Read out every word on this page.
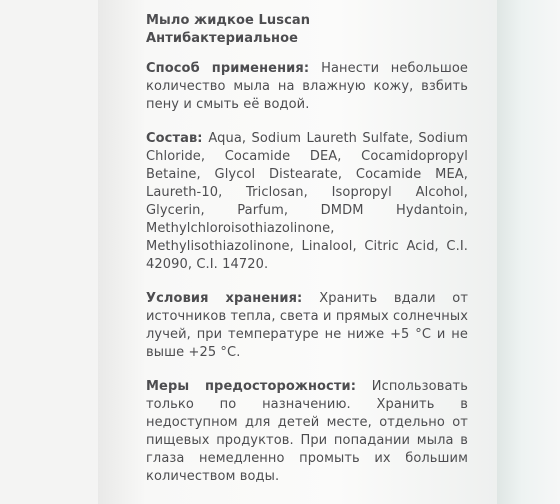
Мыло жидкое Luscan

Антибактериальное

Способ применения: Нанести небольшое количество мыла на влажную кожу, взбить пену и смыть её водой.

Состав: Aqua, Sodium Laureth Sulfate, Sodium Chloride, Cocamide DEA, Cocamidopropyl Betaine, Glycol Distearate, Cocamide MEA, Laureth-10, Triclosan, Isopropyl Alcohol, Glycerin, Parfum, DMDM Hydantoin, Methylchloroisothiazolinone, Methylisothiazolinone, Linalool, Citric Acid, C.I. 42090, C.I. 14720.

Условия хранения: Хранить вдали от источников тепла, света и прямых солнечных лучей, при температуре не ниже +5 °С и не выше +25 °С.

Меры предосторожности: Использовать только по назначению. Хранить в недоступном для детей месте, отдельно от пищевых продуктов. При попадании мыла в глаза немедленно промыть их большим количеством воды.
